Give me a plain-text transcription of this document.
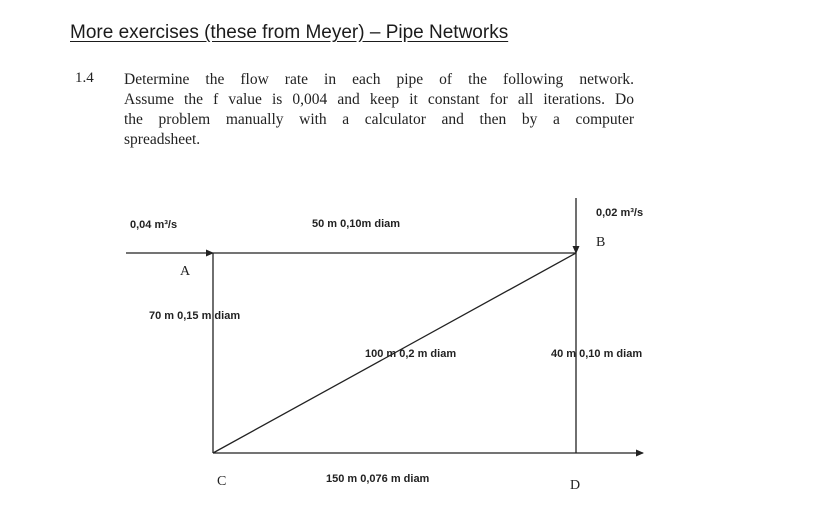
More exercises (these from Meyer) – Pipe Networks
1.4 Determine the flow rate in each pipe of the following network.
Assume the f value is 0,004 and keep it constant for all iterations. Do
the problem manually with a calculator and then by a computer
spreadsheet.
0,04 m³/s
0,02 m³/s
50 m 0,10m diam
70 m 0,15 m diam
100 m 0,2 m diam	40 m 0,10 m diam
150 m 0,076 m diam
A
B
C	D
